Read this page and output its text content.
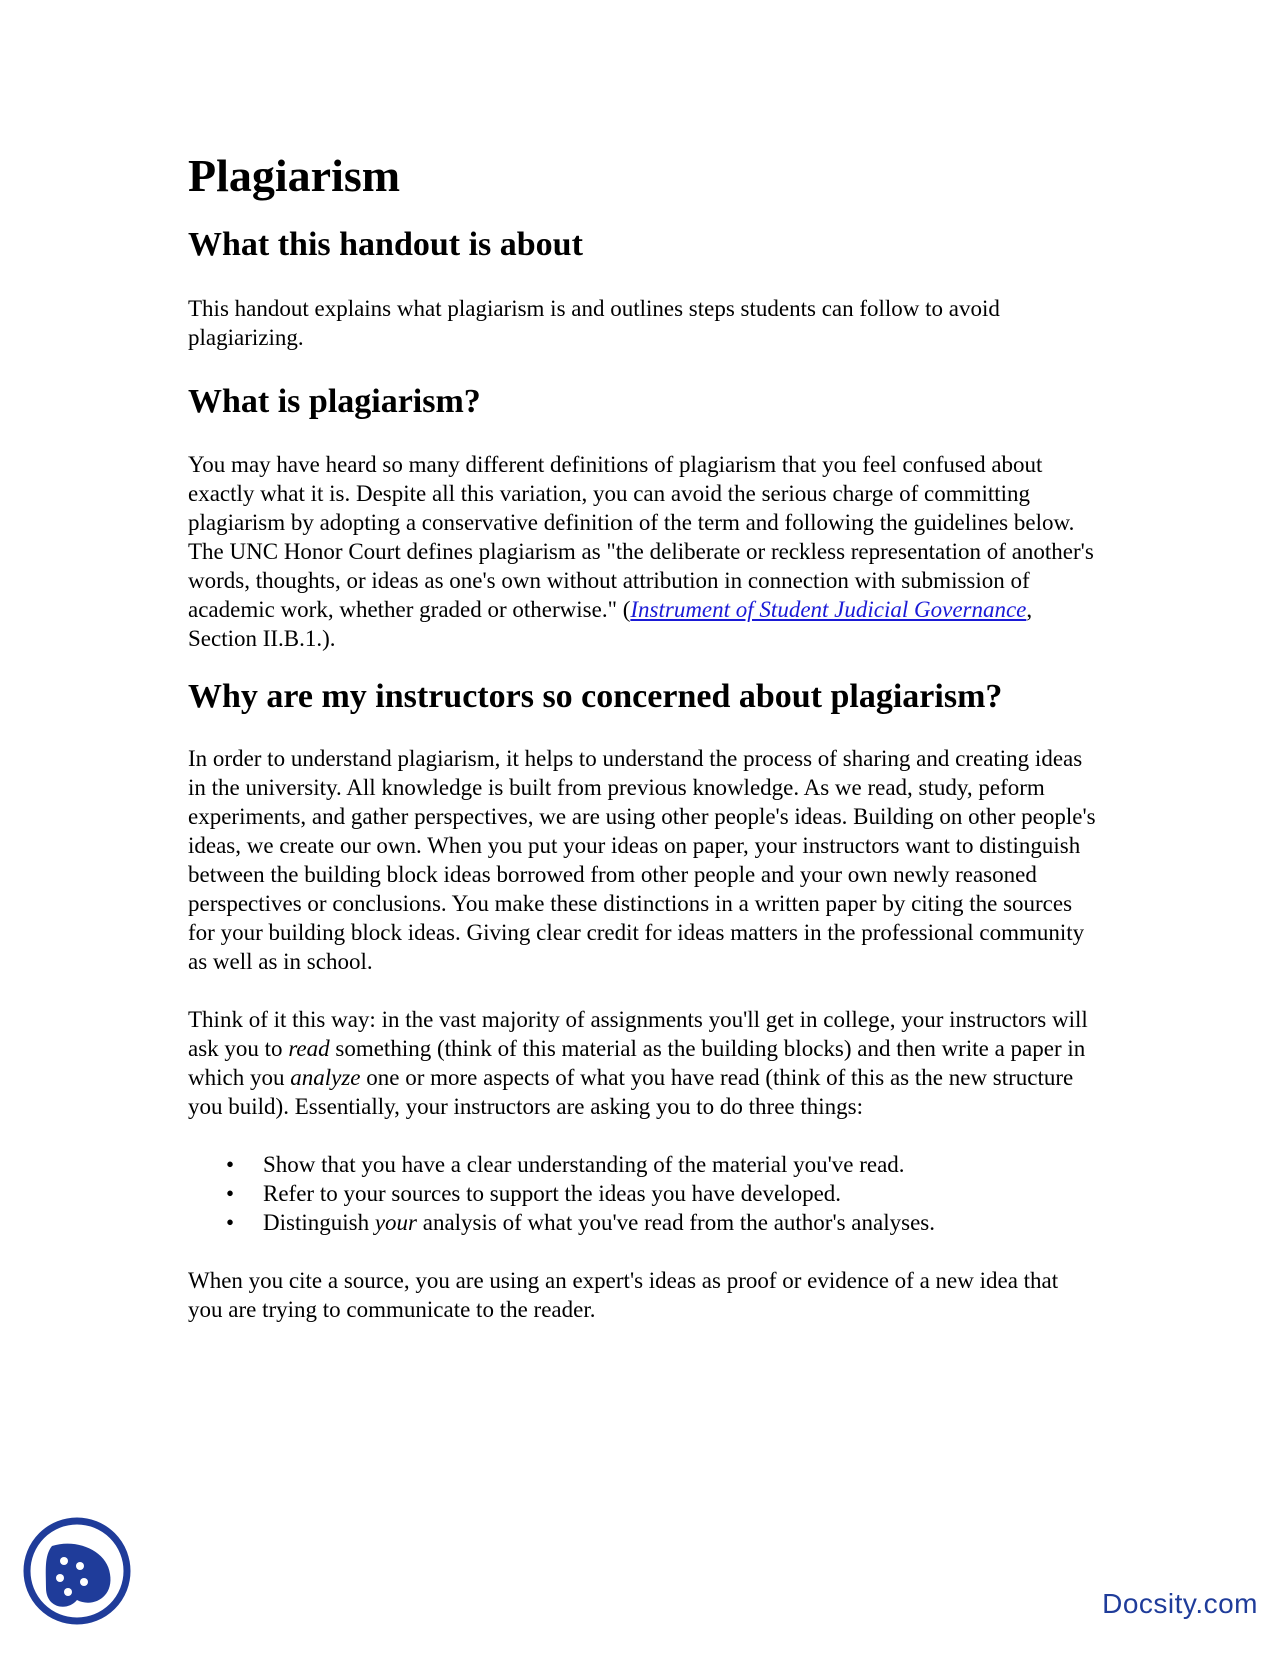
Plagiarism
What this handout is about

This handout explains what plagiarism is and outlines steps students can follow to avoid plagiarizing.

What is plagiarism?

You may have heard so many different definitions of plagiarism that you feel confused about exactly what it is. Despite all this variation, you can avoid the serious charge of committing plagiarism by adopting a conservative definition of the term and following the guidelines below. The UNC Honor Court defines plagiarism as "the deliberate or reckless representation of another's words, thoughts, or ideas as one's own without attribution in connection with submission of academic work, whether graded or otherwise." (Instrument of Student Judicial Governance, Section II.B.1.).

Why are my instructors so concerned about plagiarism?

In order to understand plagiarism, it helps to understand the process of sharing and creating ideas in the university. All knowledge is built from previous knowledge. As we read, study, peform experiments, and gather perspectives, we are using other people's ideas. Building on other people's ideas, we create our own. When you put your ideas on paper, your instructors want to distinguish between the building block ideas borrowed from other people and your own newly reasoned perspectives or conclusions. You make these distinctions in a written paper by citing the sources for your building block ideas. Giving clear credit for ideas matters in the professional community as well as in school.

Think of it this way: in the vast majority of assignments you'll get in college, your instructors will ask you to read something (think of this material as the building blocks) and then write a paper in which you analyze one or more aspects of what you have read (think of this as the new structure you build). Essentially, your instructors are asking you to do three things:

• Show that you have a clear understanding of the material you've read.
• Refer to your sources to support the ideas you have developed.
• Distinguish your analysis of what you've read from the author's analyses.

When you cite a source, you are using an expert's ideas as proof or evidence of a new idea that you are trying to communicate to the reader.

Docsity.com
